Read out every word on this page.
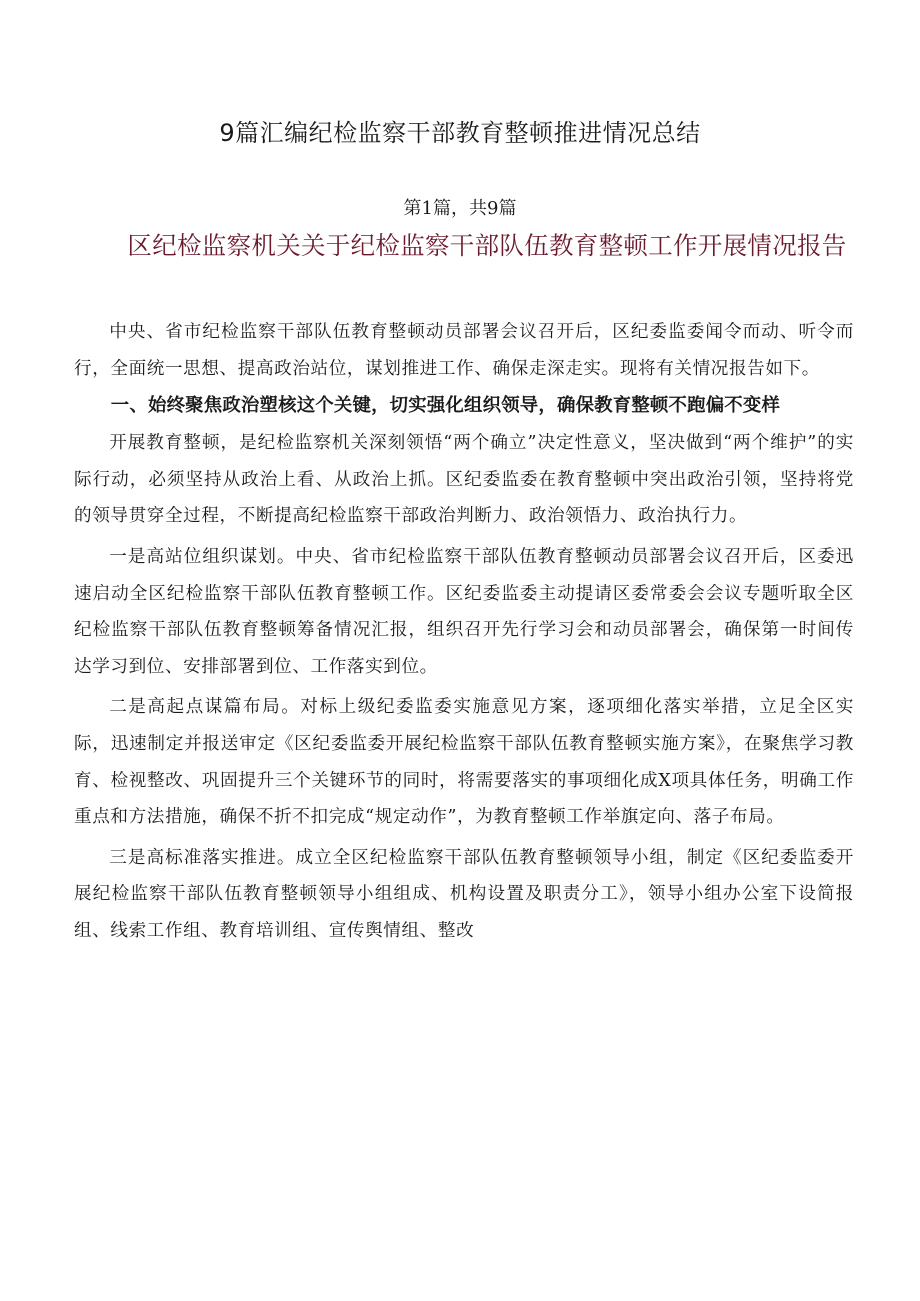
9篇汇编纪检监察干部教育整顿推进情况总结
第1篇，共9篇
区纪检监察机关关于纪检监察干部队伍教育整顿工作开展情况报告

中央、省市纪检监察干部队伍教育整顿动员部署会议召开后，区纪委监委闻令而动、听令而行，全面统一思想、提高政治站位，谋划推进工作、确保走深走实。现将有关情况报告如下。

一、始终聚焦政治塑核这个关键，切实强化组织领导，确保教育整顿不跑偏不变样

开展教育整顿，是纪检监察机关深刻领悟“两个确立”决定性意义，坚决做到“两个维护”的实际行动，必须坚持从政治上看、从政治上抓。区纪委监委在教育整顿中突出政治引领，坚持将党的领导贯穿全过程，不断提高纪检监察干部政治判断力、政治领悟力、政治执行力。

一是高站位组织谋划。中央、省市纪检监察干部队伍教育整顿动员部署会议召开后，区委迅速启动全区纪检监察干部队伍教育整顿工作。区纪委监委主动提请区委常委会会议专题听取全区纪检监察干部队伍教育整顿筹备情况汇报，组织召开先行学习会和动员部署会，确保第一时间传达学习到位、安排部署到位、工作落实到位。

二是高起点谋篇布局。对标上级纪委监委实施意见方案，逐项细化落实举措，立足全区实际，迅速制定并报送审定《区纪委监委开展纪检监察干部队伍教育整顿实施方案》，在聚焦学习教育、检视整改、巩固提升三个关键环节的同时，将需要落实的事项细化成X项具体任务，明确工作重点和方法措施，确保不折不扣完成“规定动作”，为教育整顿工作举旗定向、落子布局。

三是高标准落实推进。成立全区纪检监察干部队伍教育整顿领导小组，制定《区纪委监委开展纪检监察干部队伍教育整顿领导小组组成、机构设置及职责分工》，领导小组办公室下设简报组、线索工作组、教育培训组、宣传舆情组、整改
